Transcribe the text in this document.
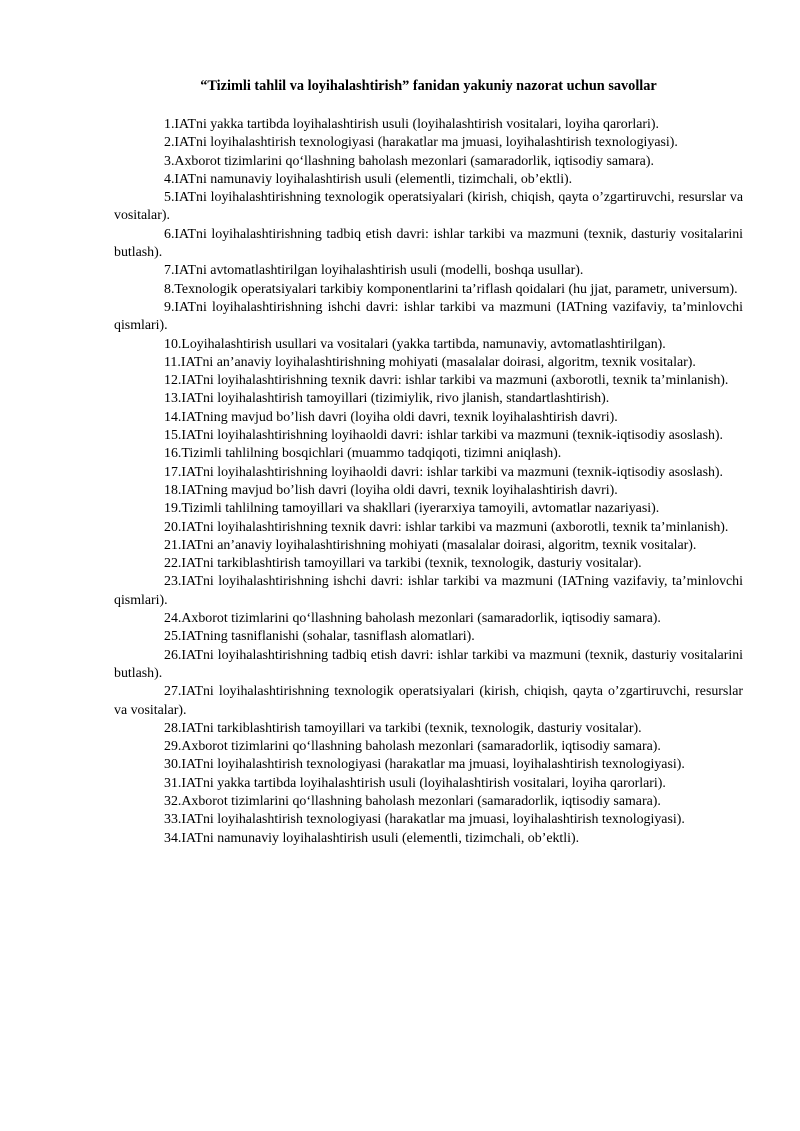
“Tizimli tahlil va loyihalashtirish” fanidan yakuniy nazorat uchun savollar
1.IATni yakka tartibda loyihalashtirish usuli (loyihalashtirish vositalari, loyiha qarorlari).
2.IATni loyihalashtirish texnologiyasi (harakatlar ma jmuasi, loyihalashtirish texnologiyasi).
3.Axborot tizimlarini qo‘llashning baholash mezonlari (samaradorlik, iqtisodiy samara).
4.IATni namunaviy loyihalashtirish usuli (elementli, tizimchali, ob’ektli).
5.IATni loyihalashtirishning texnologik operatsiyalari (kirish, chiqish, qayta o’zgartiruvchi, resurslar va vositalar).
6.IATni loyihalashtirishning tadbiq etish davri: ishlar tarkibi va mazmuni (texnik, dasturiy vositalarini butlash).
7.IATni avtomatlashtirilgan loyihalashtirish usuli (modelli, boshqa usullar).
8.Texnologik operatsiyalari tarkibiy komponentlarini ta’riflash qoidalari (hu jjat, parametr, universum).
9.IATni loyihalashtirishning ishchi davri: ishlar tarkibi va mazmuni (IATning vazifaviy, ta’minlovchi qismlari).
10.Loyihalashtirish usullari va vositalari (yakka tartibda, namunaviy, avtomatlashtirilgan).
11.IATni an’anaviy loyihalashtirishning mohiyati (masalalar doirasi, algoritm, texnik vositalar).
12.IATni loyihalashtirishning texnik davri: ishlar tarkibi va mazmuni (axborotli, texnik ta’minlanish).
13.IATni loyihalashtirish tamoyillari (tizimiylik, rivo jlanish, standartlashtirish).
14.IATning mavjud bo’lish davri (loyiha oldi davri, texnik loyihalashtirish davri).
15.IATni loyihalashtirishning loyihaoldi davri: ishlar tarkibi va mazmuni (texnik-iqtisodiy asoslash).
16.Tizimli tahlilning bosqichlari (muammo tadqiqoti, tizimni aniqlash).
17.IATni loyihalashtirishning loyihaoldi davri: ishlar tarkibi va mazmuni (texnik-iqtisodiy asoslash).
18.IATning mavjud bo’lish davri (loyiha oldi davri, texnik loyihalashtirish davri).
19.Tizimli tahlilning tamoyillari va shakllari (iyerarxiya tamoyili, avtomatlar nazariyasi).
20.IATni loyihalashtirishning texnik davri: ishlar tarkibi va mazmuni (axborotli, texnik ta’minlanish).
21.IATni an’anaviy loyihalashtirishning mohiyati (masalalar doirasi, algoritm, texnik vositalar).
22.IATni tarkiblashtirish tamoyillari va tarkibi (texnik, texnologik, dasturiy vositalar).
23.IATni loyihalashtirishning ishchi davri: ishlar tarkibi va mazmuni (IATning vazifaviy, ta’minlovchi qismlari).
24.Axborot tizimlarini qo‘llashning baholash mezonlari (samaradorlik, iqtisodiy samara).
25.IATning tasniflanishi (sohalar, tasniflash alomatlari).
26.IATni loyihalashtirishning tadbiq etish davri: ishlar tarkibi va mazmuni (texnik, dasturiy vositalarini butlash).
27.IATni loyihalashtirishning texnologik operatsiyalari (kirish, chiqish, qayta o’zgartiruvchi, resurslar va vositalar).
28.IATni tarkiblashtirish tamoyillari va tarkibi (texnik, texnologik, dasturiy vositalar).
29.Axborot tizimlarini qo‘llashning baholash mezonlari (samaradorlik, iqtisodiy samara).
30.IATni loyihalashtirish texnologiyasi (harakatlar ma jmuasi, loyihalashtirish texnologiyasi).
31.IATni yakka tartibda loyihalashtirish usuli (loyihalashtirish vositalari, loyiha qarorlari).
32.Axborot tizimlarini qo‘llashning baholash mezonlari (samaradorlik, iqtisodiy samara).
33.IATni loyihalashtirish texnologiyasi (harakatlar ma jmuasi, loyihalashtirish texnologiyasi).
34.IATni namunaviy loyihalashtirish usuli (elementli, tizimchali, ob’ektli).
